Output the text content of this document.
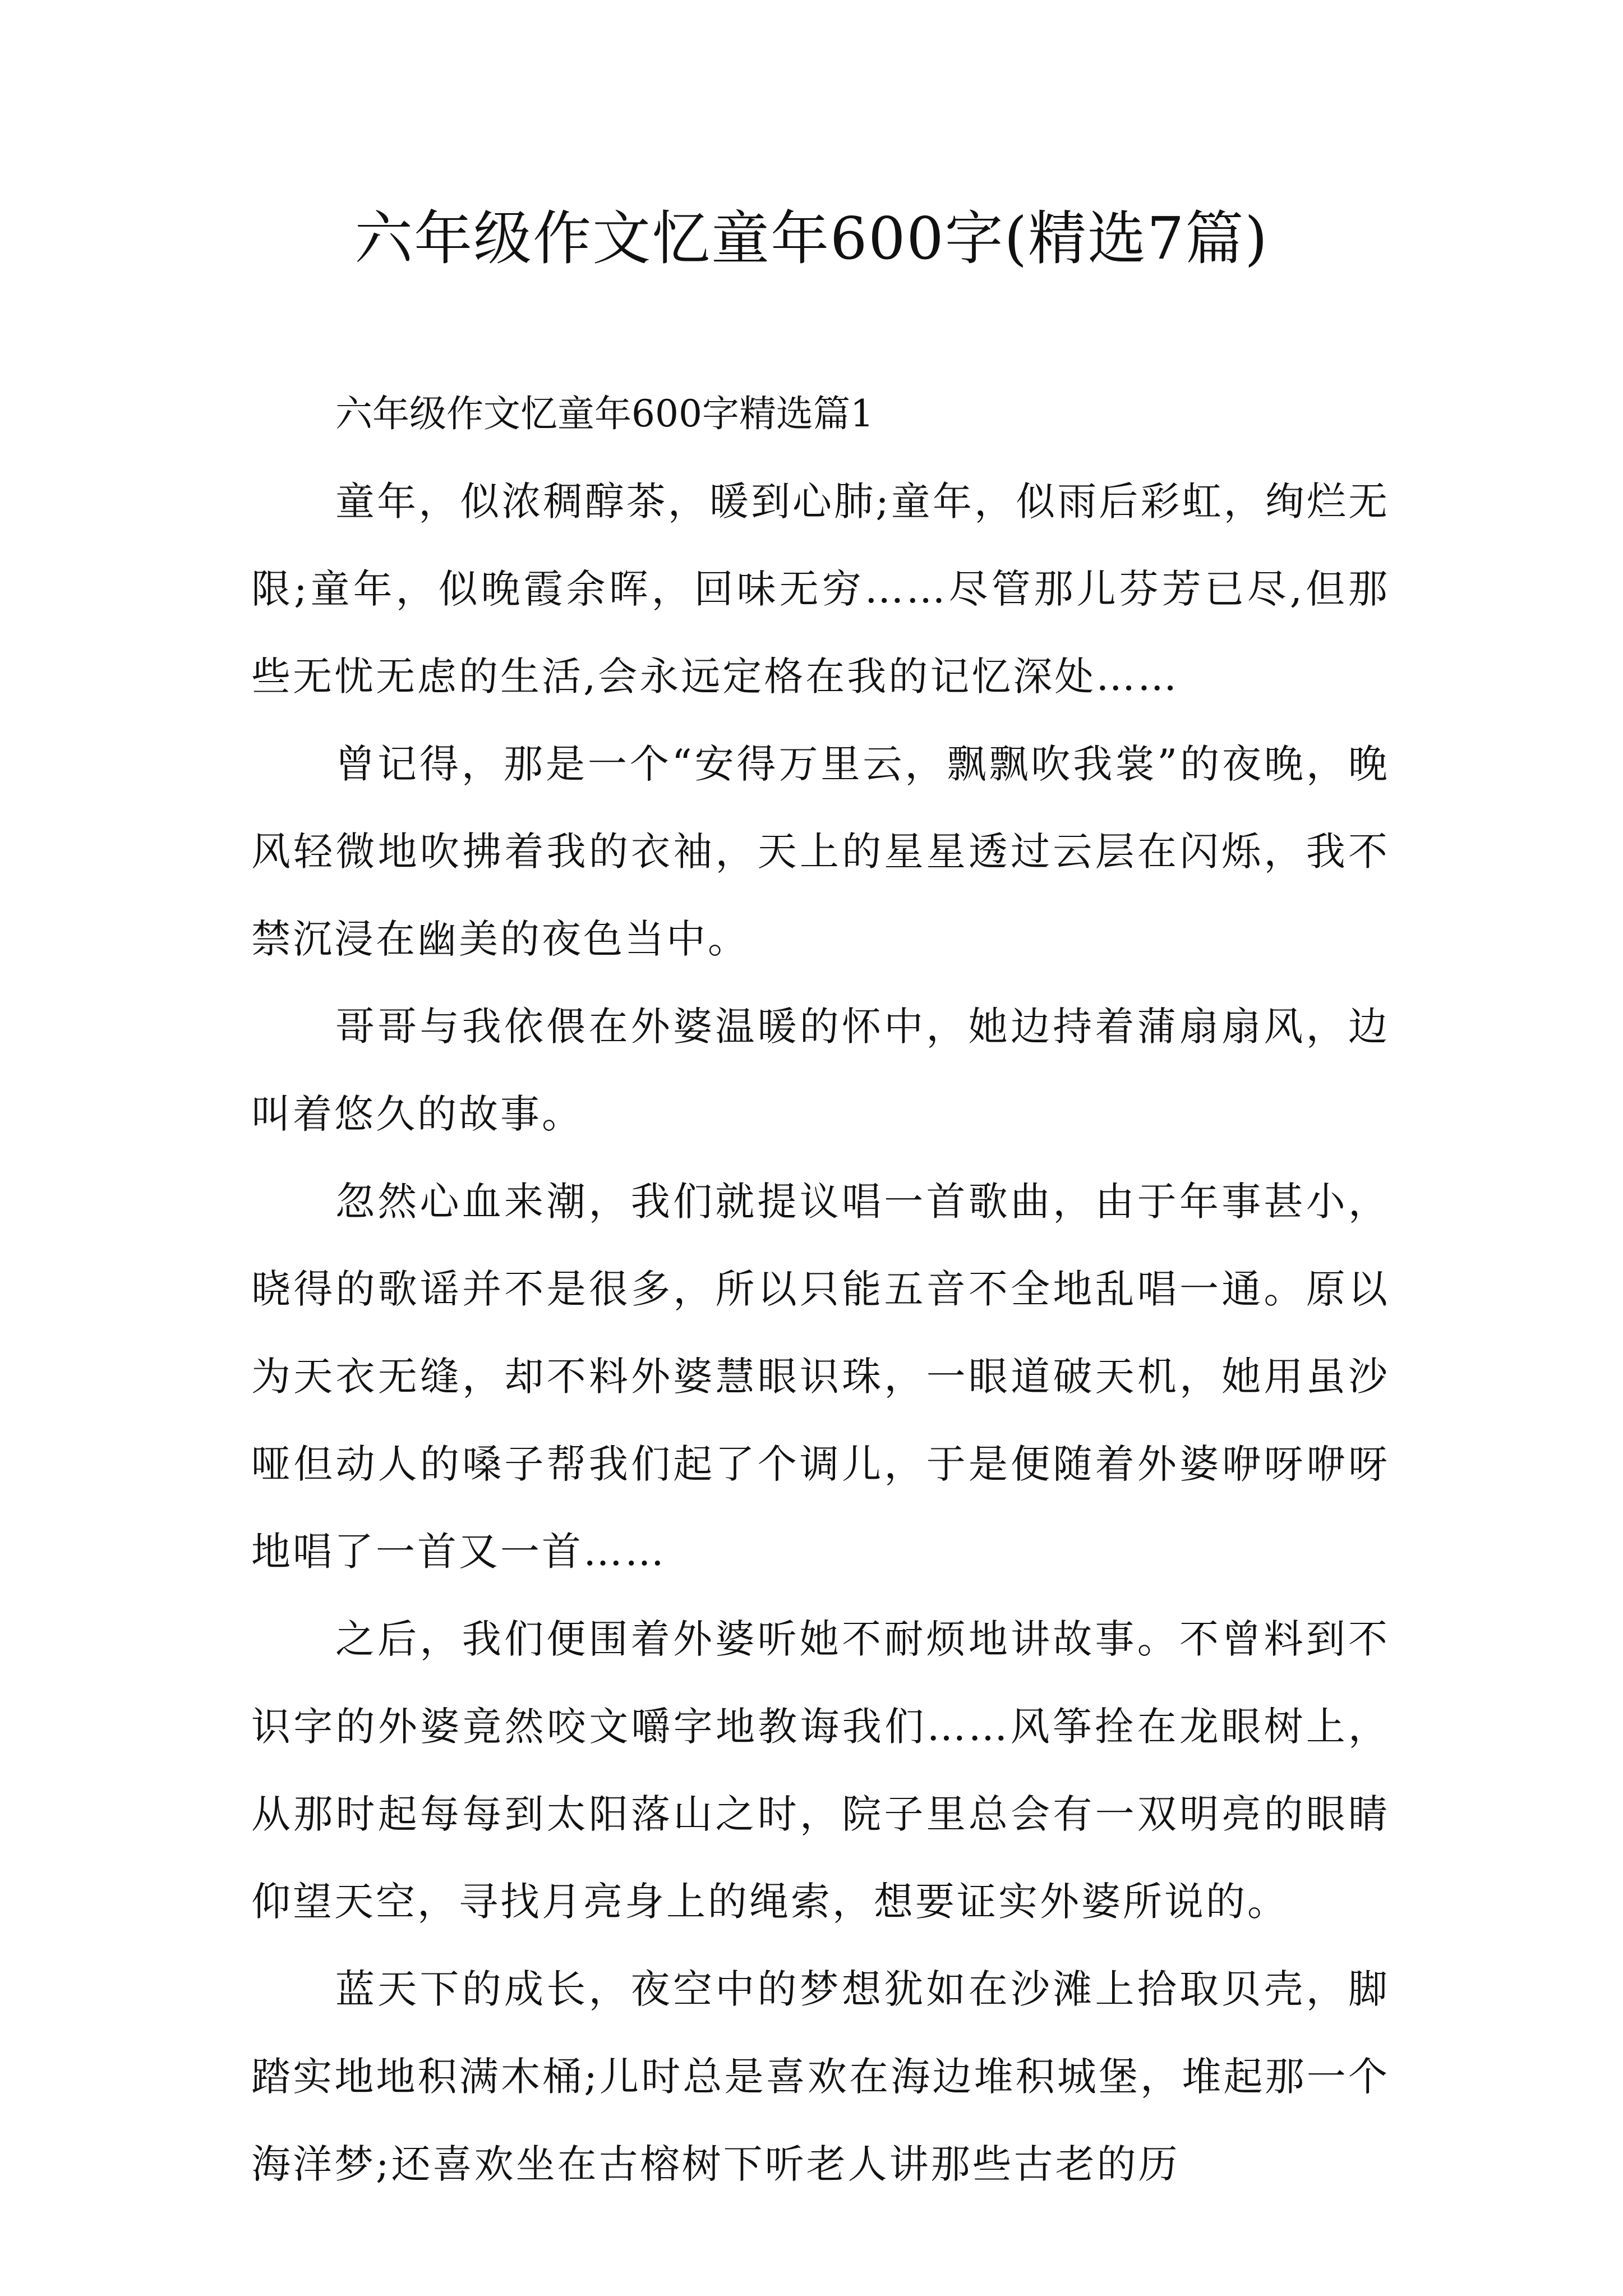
六年级作文忆童年600字(精选7篇)
六年级作文忆童年600字精选篇1

童年，似浓稠醇茶，暖到心肺;童年，似雨后彩虹，绚烂无限;童年，似晚霞余晖，回味无穷……尽管那儿芬芳已尽,但那些无忧无虑的生活,会永远定格在我的记忆深处……

曾记得，那是一个“安得万里云，飘飘吹我裳”的夜晚，晚风轻微地吹拂着我的衣袖，天上的星星透过云层在闪烁，我不禁沉浸在幽美的夜色当中。

哥哥与我依偎在外婆温暖的怀中，她边持着蒲扇扇风，边叫着悠久的故事。

忽然心血来潮，我们就提议唱一首歌曲，由于年事甚小，晓得的歌谣并不是很多，所以只能五音不全地乱唱一通。原以为天衣无缝，却不料外婆慧眼识珠，一眼道破天机，她用虽沙哑但动人的嗓子帮我们起了个调儿，于是便随着外婆咿呀咿呀地唱了一首又一首……

之后，我们便围着外婆听她不耐烦地讲故事。不曾料到不识字的外婆竟然咬文嚼字地教诲我们……风筝拴在龙眼树上，从那时起每每到太阳落山之时，院子里总会有一双明亮的眼睛仰望天空，寻找月亮身上的绳索，想要证实外婆所说的。

蓝天下的成长，夜空中的梦想犹如在沙滩上拾取贝壳，脚踏实地地积满木桶;儿时总是喜欢在海边堆积城堡，堆起那一个海洋梦;还喜欢坐在古榕树下听老人讲那些古老的历
